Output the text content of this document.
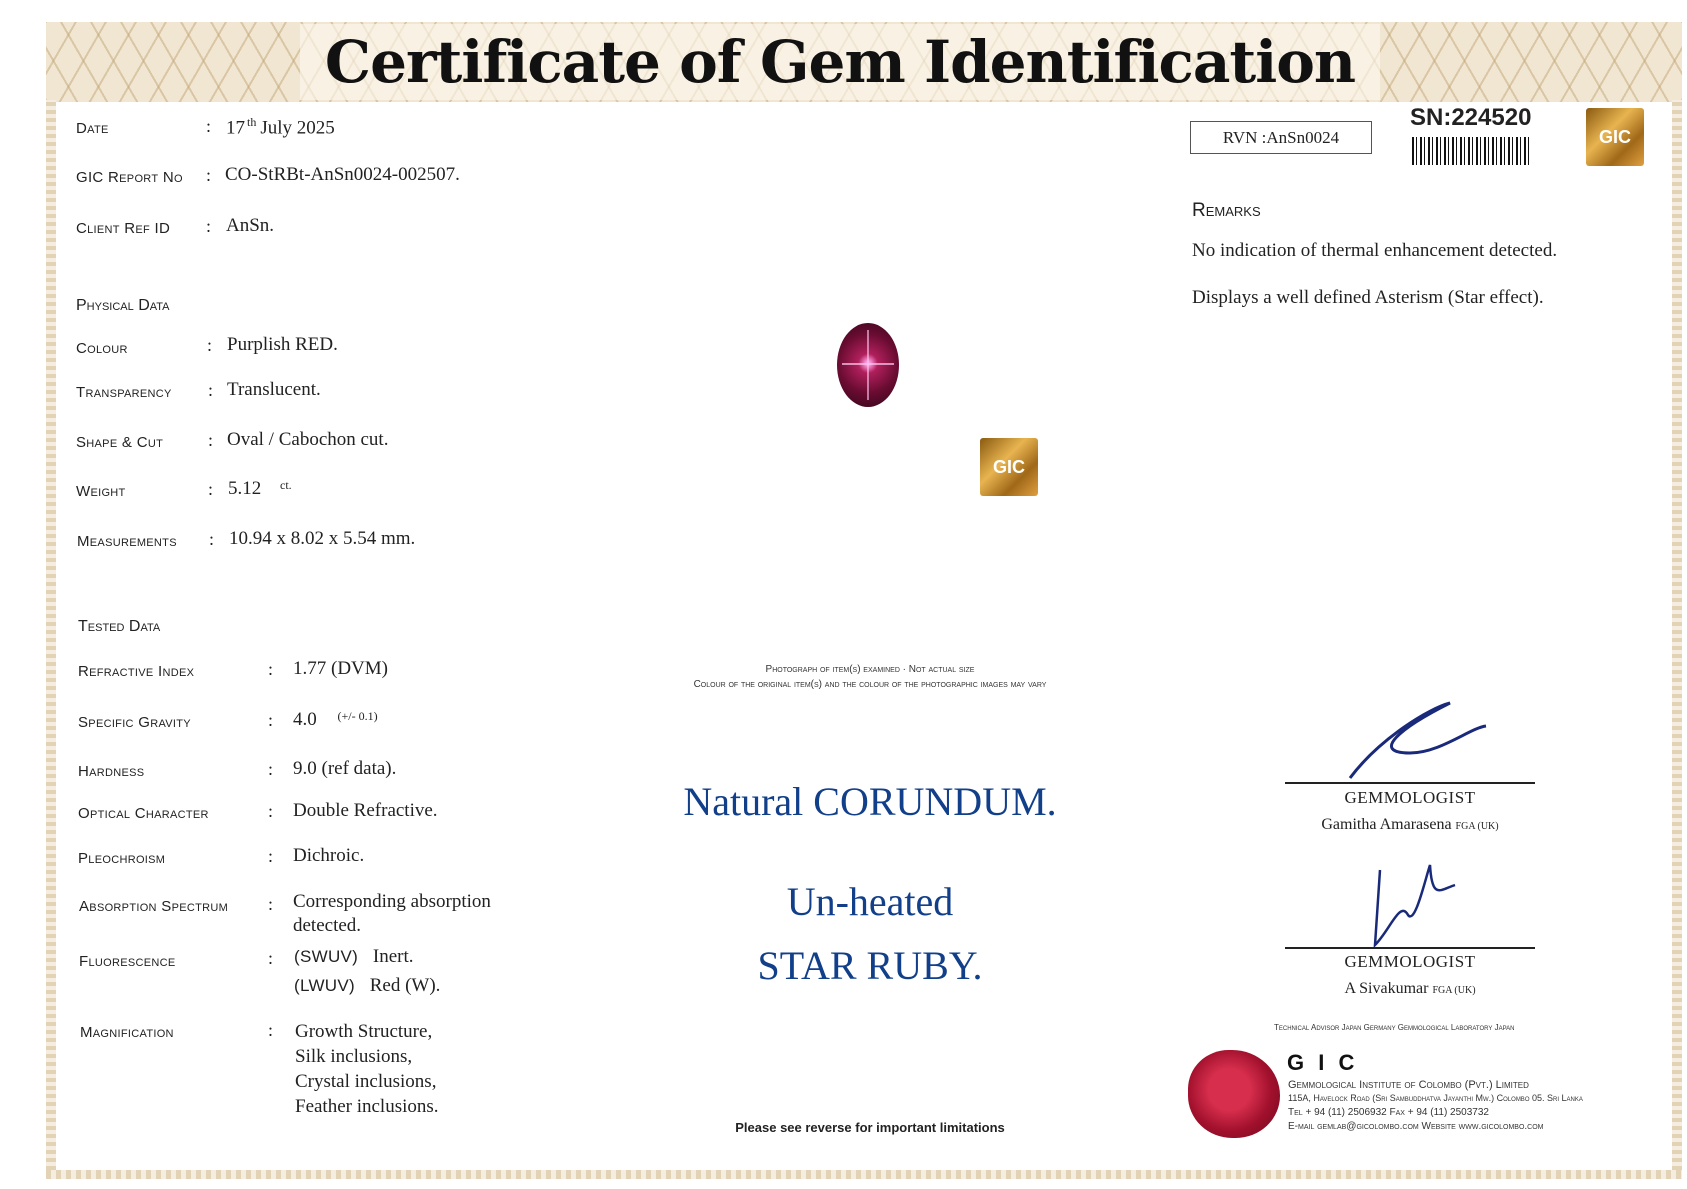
Certificate of Gem Identification
Date	: 17 $^{th}$ July 2025
GIC Report No : CO-StRBt-AnSn0024-002507.
Client Ref ID : AnSn.
Physical Data
Colour	: Purplish RED.
Transparency : Translucent.
Shape & Cut : Oval / Cabochon cut.
Weight	: 5.12 $^{ct.}$
Measurements : 10.94 x 8.02 x 5.54 mm.
Tested Data
Refractive Index	: 1.77 (DVM)
Specific Gravity	: 4.0 $^{(+/- 0.1)}$
Hardness	: 9.0 (ref data).
Optical Character	: Double Refractive.
Pleochroism	: Dichroic.
Absorption Spectrum : Corresponding absorption
detected.
Fluorescence	: (SWUV) Inert.
(LWUV) Red (W).
Magnification	: Growth Structure,
Silk inclusions,
Crystal inclusions,
Feather inclusions.
GIC
Photograph of item(s) examined · Not actual size
Colour of the original item(s) and the colour of the photographic images may vary
Natural CORUNDUM.
Un-heated
STAR RUBY.
Please see reverse for important limitations
RVN :AnSn0024
SN:224520
GIC
Remarks
No indication of thermal enhancement detected.
Displays a well defined Asterism (Star effect).
GEMMOLOGIST
Gamitha Amarasena FGA (UK)
GEMMOLOGIST
A Sivakumar FGA (UK)
Technical Advisor Japan Germany Gemmological Laboratory Japan
G I C
Gemmological Institute of Colombo (Pvt.) Limited
115A, Havelock Road (Sri Sambuddhatva Jayanthi Mw.) Colombo 05. Sri Lanka
Tel + 94 (11) 2506932 Fax + 94 (11) 2503732
E-mail gemlab@gicolombo.com Website www.gicolombo.com
